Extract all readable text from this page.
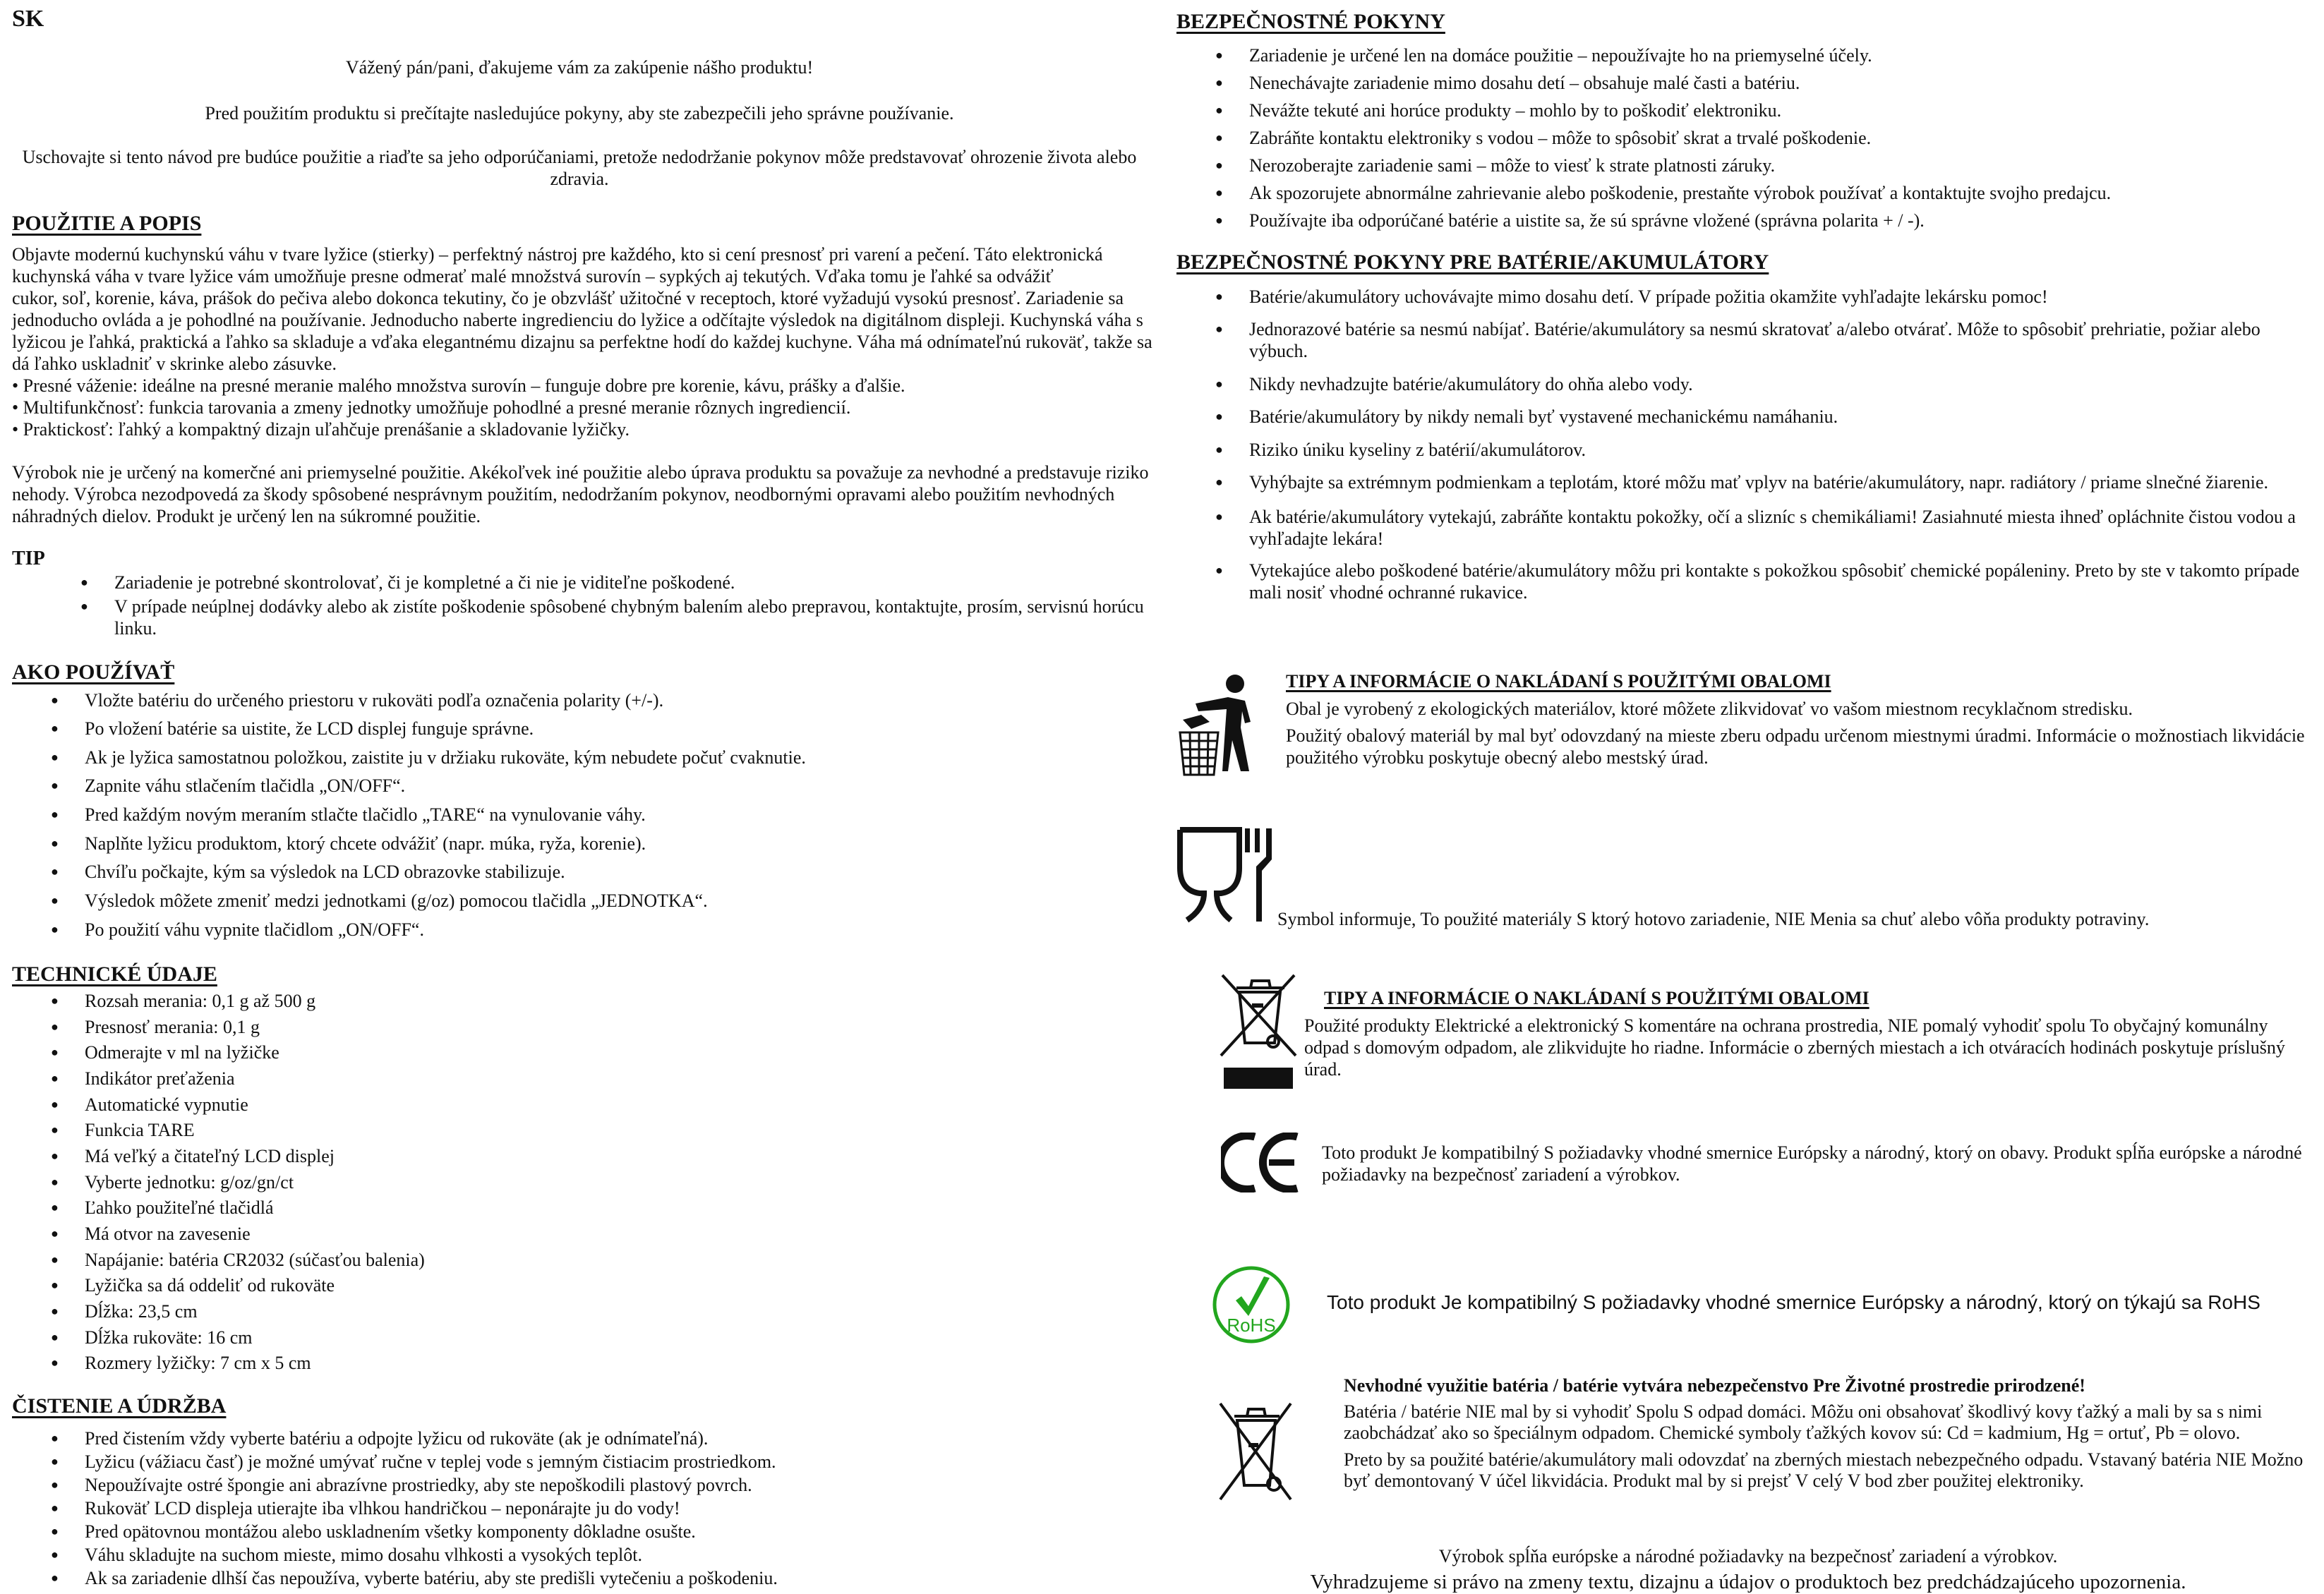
SK
Vážený pán/pani, ďakujeme vám za zakúpenie nášho produktu!
Pred použitím produktu si prečítajte nasledujúce pokyny, aby ste zabezpečili jeho správne používanie.
Uschovajte si tento návod pre budúce použitie a riaďte sa jeho odporúčaniami, pretože nedodržanie pokynov môže predstavovať ohrozenie života alebo zdravia.
POUŽITIE A POPIS
Objavte modernú kuchynskú váhu v tvare lyžice (stierky) – perfektný nástroj pre každého, kto si cení presnosť pri varení a pečení. Táto elektronická
kuchynská váha v tvare lyžice vám umožňuje presne odmerať malé množstvá surovín – sypkých aj tekutých. Vďaka tomu je ľahké sa odvážiť
cukor, soľ, korenie, káva, prášok do pečiva alebo dokonca tekutiny, čo je obzvlášť užitočné v receptoch, ktoré vyžadujú vysokú presnosť. Zariadenie sa
jednoducho ovláda a je pohodlné na používanie. Jednoducho naberte ingredienciu do lyžice a odčítajte výsledok na digitálnom displeji. Kuchynská váha s
lyžicou je ľahká, praktická a ľahko sa skladuje a vďaka elegantnému dizajnu sa perfektne hodí do každej kuchyne. Váha má odnímateľnú rukoväť, takže sa
dá ľahko uskladniť v skrinke alebo zásuvke.
• Presné váženie: ideálne na presné meranie malého množstva surovín – funguje dobre pre korenie, kávu, prášky a ďalšie.
• Multifunkčnosť: funkcia tarovania a zmeny jednotky umožňuje pohodlné a presné meranie rôznych ingrediencií.
• Praktickosť: ľahký a kompaktný dizajn uľahčuje prenášanie a skladovanie lyžičky.
Výrobok nie je určený na komerčné ani priemyselné použitie. Akékoľvek iné použitie alebo úprava produktu sa považuje za nevhodné a predstavuje riziko
nehody. Výrobca nezodpovedá za škody spôsobené nesprávnym použitím, nedodržaním pokynov, neodbornými opravami alebo použitím nevhodných
náhradných dielov. Produkt je určený len na súkromné použitie.
TIP
● Zariadenie je potrebné skontrolovať, či je kompletné a či nie je viditeľne poškodené.
● V prípade neúplnej dodávky alebo ak zistíte poškodenie spôsobené chybným balením alebo prepravou, kontaktujte, prosím, servisnú horúcu linku.
AKO POUŽÍVAŤ
● Vložte batériu do určeného priestoru v rukoväti podľa označenia polarity (+/-).
● Po vložení batérie sa uistite, že LCD displej funguje správne.
● Ak je lyžica samostatnou položkou, zaistite ju v držiaku rukoväte, kým nebudete počuť cvaknutie.
● Zapnite váhu stlačením tlačidla „ON/OFF“.
● Pred každým novým meraním stlačte tlačidlo „TARE“ na vynulovanie váhy.
● Naplňte lyžicu produktom, ktorý chcete odvážiť (napr. múka, ryža, korenie).
● Chvíľu počkajte, kým sa výsledok na LCD obrazovke stabilizuje.
● Výsledok môžete zmeniť medzi jednotkami (g/oz) pomocou tlačidla „JEDNOTKA“.
● Po použití váhu vypnite tlačidlom „ON/OFF“.
TECHNICKÉ ÚDAJE
● Rozsah merania: 0,1 g až 500 g
● Presnosť merania: 0,1 g
● Odmerajte v ml na lyžičke
● Indikátor preťaženia
● Automatické vypnutie
● Funkcia TARE
● Má veľký a čitateľný LCD displej
● Vyberte jednotku: g/oz/gn/ct
● Ľahko použiteľné tlačidlá
● Má otvor na zavesenie
● Napájanie: batéria CR2032 (súčasťou balenia)
● Lyžička sa dá oddeliť od rukoväte
● Dĺžka: 23,5 cm
● Dĺžka rukoväte: 16 cm
● Rozmery lyžičky: 7 cm x 5 cm
ČISTENIE A ÚDRŽBA
● Pred čistením vždy vyberte batériu a odpojte lyžicu od rukoväte (ak je odnímateľná).
● Lyžicu (vážiacu časť) je možné umývať ručne v teplej vode s jemným čistiacim prostriedkom.
● Nepoužívajte ostré špongie ani abrazívne prostriedky, aby ste nepoškodili plastový povrch.
● Rukoväť LCD displeja utierajte iba vlhkou handričkou – neponárajte ju do vody!
● Pred opätovnou montážou alebo uskladnením všetky komponenty dôkladne osušte.
● Váhu skladujte na suchom mieste, mimo dosahu vlhkosti a vysokých teplôt.
● Ak sa zariadenie dlhší čas nepoužíva, vyberte batériu, aby ste predišli vytečeniu a poškodeniu.
BEZPEČNOSTNÉ POKYNY
● Zariadenie je určené len na domáce použitie – nepoužívajte ho na priemyselné účely.
● Nenechávajte zariadenie mimo dosahu detí – obsahuje malé časti a batériu.
● Nevážte tekuté ani horúce produkty – mohlo by to poškodiť elektroniku.
● Zabráňte kontaktu elektroniky s vodou – môže to spôsobiť skrat a trvalé poškodenie.
● Nerozoberajte zariadenie sami – môže to viesť k strate platnosti záruky.
● Ak spozorujete abnormálne zahrievanie alebo poškodenie, prestaňte výrobok používať a kontaktujte svojho predajcu.
● Používajte iba odporúčané batérie a uistite sa, že sú správne vložené (správna polarita + / -).
BEZPEČNOSTNÉ POKYNY PRE BATÉRIE/AKUMULÁTORY
● Batérie/akumulátory uchovávajte mimo dosahu detí. V prípade požitia okamžite vyhľadajte lekársku pomoc!
● Jednorazové batérie sa nesmú nabíjať. Batérie/akumulátory sa nesmú skratovať a/alebo otvárať. Môže to spôsobiť prehriatie, požiar alebo
výbuch.
● Nikdy nevhadzujte batérie/akumulátory do ohňa alebo vody.
● Batérie/akumulátory by nikdy nemali byť vystavené mechanickému namáhaniu.
● Riziko úniku kyseliny z batérií/akumulátorov.
● Vyhýbajte sa extrémnym podmienkam a teplotám, ktoré môžu mať vplyv na batérie/akumulátory, napr. radiátory / priame slnečné žiarenie.
● Ak batérie/akumulátory vytekajú, zabráňte kontaktu pokožky, očí a slizníc s chemikáliami! Zasiahnuté miesta ihneď opláchnite čistou vodou a
vyhľadajte lekára!
● Vytekajúce alebo poškodené batérie/akumulátory môžu pri kontakte s pokožkou spôsobiť chemické popáleniny. Preto by ste v takomto prípade
mali nosiť vhodné ochranné rukavice.
TIPY A INFORMÁCIE O NAKLÁDANÍ S POUŽITÝMI OBALOMI
Obal je vyrobený z ekologických materiálov, ktoré môžete zlikvidovať vo vašom miestnom recyklačnom stredisku.
Použitý obalový materiál by mal byť odovzdaný na mieste zberu odpadu určenom miestnymi úradmi. Informácie o možnostiach likvidácie
použitého výrobku poskytuje obecný alebo mestský úrad.
Symbol informuje, To použité materiály S ktorý hotovo zariadenie, NIE Menia sa chuť alebo vôňa produkty potraviny.
TIPY A INFORMÁCIE O NAKLÁDANÍ S POUŽITÝMI OBALOMI
Použité produkty Elektrické a elektronický S komentáre na ochrana prostredia, NIE pomalý vyhodiť spolu To obyčajný komunálny
odpad s domovým odpadom, ale zlikvidujte ho riadne. Informácie o zberných miestach a ich otváracích hodinách poskytuje príslušný
úrad.
Toto produkt Je kompatibilný S požiadavky vhodné smernice Európsky a národný, ktorý on obavy. Produkt spĺňa európske a národné
požiadavky na bezpečnosť zariadení a výrobkov.
RoHS
Toto produkt Je kompatibilný S požiadavky vhodné smernice Európsky a národný, ktorý on týkajú sa RoHS
Nevhodné využitie batéria / batérie vytvára nebezpečenstvo Pre Životné prostredie prirodzené!
Batéria / batérie NIE mal by si vyhodiť Spolu S odpad domáci. Môžu oni obsahovať škodlivý kovy ťažký a mali by sa s nimi
zaobchádzať ako so špeciálnym odpadom. Chemické symboly ťažkých kovov sú: Cd = kadmium, Hg = ortuť, Pb = olovo.
Preto by sa použité batérie/akumulátory mali odovzdať na zberných miestach nebezpečného odpadu. Vstavaný batéria NIE Možno
byť demontovaný V účel likvidácia. Produkt mal by si prejsť V celý V bod zber použitej elektroniky.
Výrobok spĺňa európske a národné požiadavky na bezpečnosť zariadení a výrobkov.
Vyhradzujeme si právo na zmeny textu, dizajnu a údajov o produktoch bez predchádzajúceho upozornenia.
